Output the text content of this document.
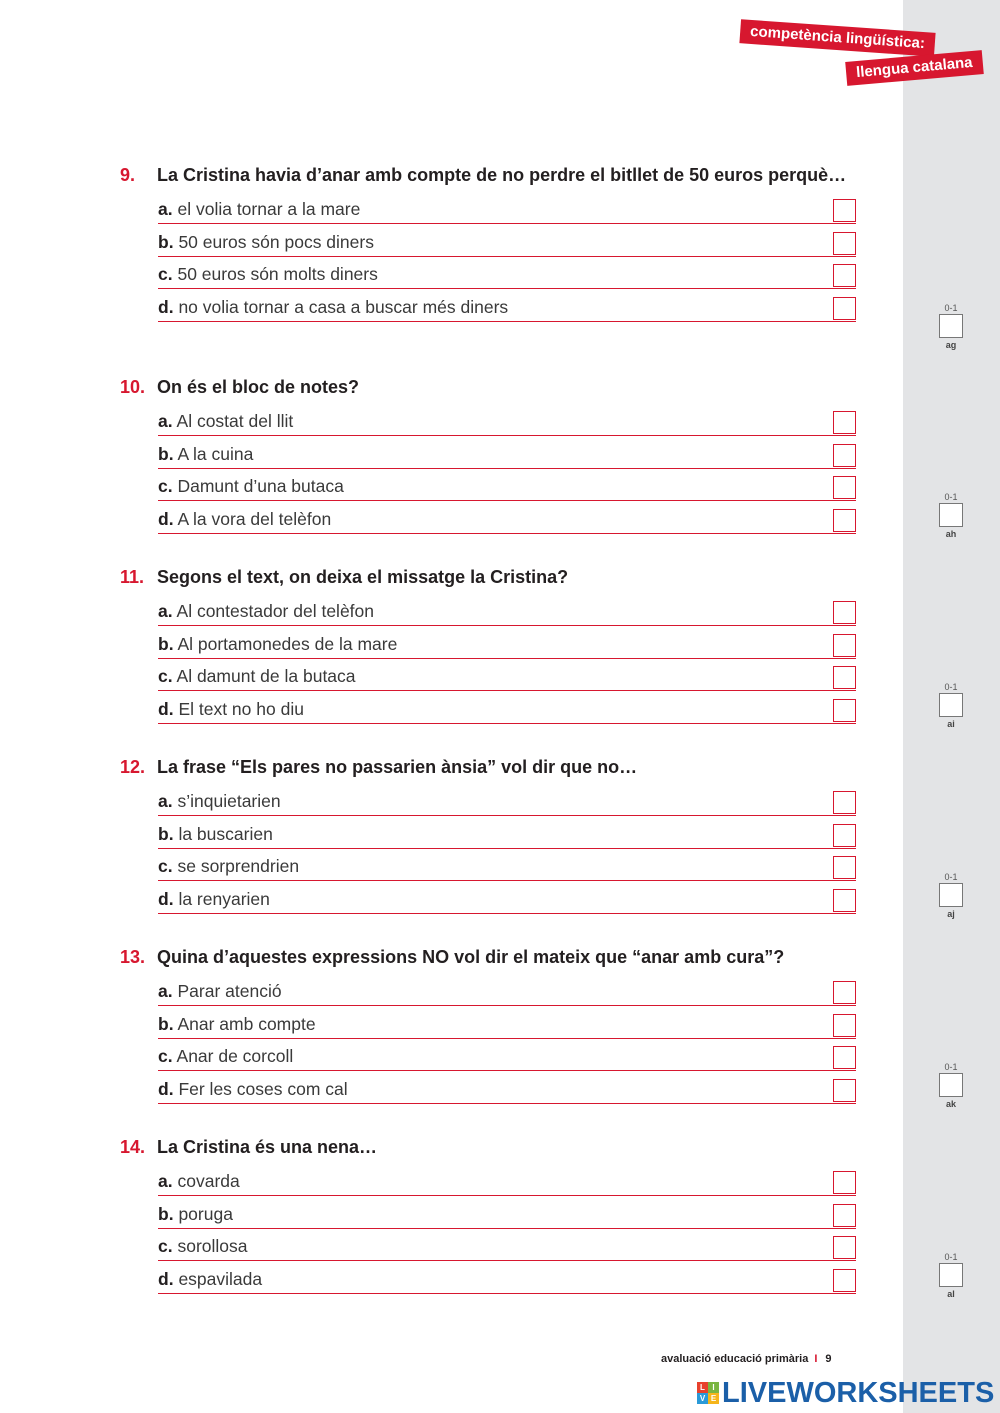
competència lingüística:
llengua catalana
9.	La Cristina havia d’anar amb compte de no perdre el bitllet de 50 euros perquè…
a. el volia tornar a la mare
b. 50 euros són pocs diners
c. 50 euros són molts diners
d. no volia tornar a casa a buscar més diners
10. On és el bloc de notes?
a. Al costat del llit
b. A la cuina
c. Damunt d’una butaca
d. A la vora del telèfon
11. Segons el text, on deixa el missatge la Cristina?
a. Al contestador del telèfon
b. Al portamonedes de la mare
c. Al damunt de la butaca
d. El text no ho diu
12. La frase “Els pares no passarien ànsia” vol dir que no…
a. s’inquietarien
b. la buscarien
c. se sorprendrien
d. la renyarien
13. Quina d’aquestes expressions NO vol dir el mateix que “anar amb cura”?
a. Parar atenció
b. Anar amb compte
c. Anar de corcoll
d. Fer les coses com cal
14. La Cristina és una nena…
a. covarda
b. poruga
c. sorollosa
d. espavilada
0-1
ag
0-1
ah
0-1
ai
0-1
aj
0-1
ak
0-1
al
avaluació educació primària I 9
L I
V E LIVEWORKSHEETS
